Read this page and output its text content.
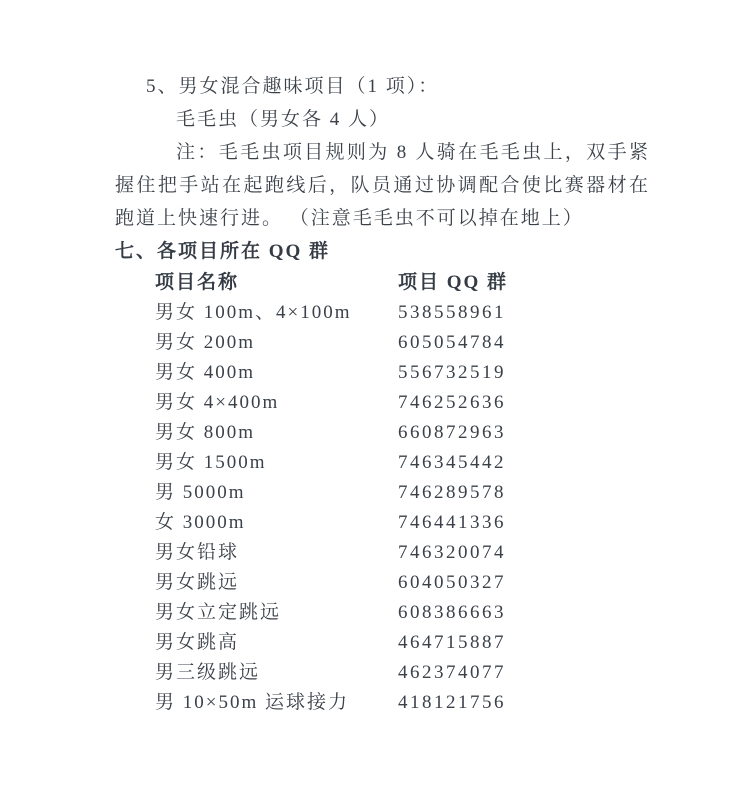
5、男女混合趣味项目（1 项）：

毛毛虫（男女各 4 人）

注：毛毛虫项目规则为 8 人骑在毛毛虫上，双手紧握住把手站在起跑线后，队员通过协调配合使比赛器材在跑道上快速行进。 （注意毛毛虫不可以掉在地上）

七、各项目所在 QQ 群

项目名称	项目 QQ 群
男女 100m、4×100m	538558961
男女 200m	605054784
男女 400m	556732519
男女 4×400m	746252636
男女 800m	660872963
男女 1500m	746345442
男 5000m	746289578
女 3000m	746441336
男女铅球	746320074
男女跳远	604050327
男女立定跳远	608386663
男女跳高	464715887
男三级跳远	462374077
男 10×50m 运球接力	418121756
